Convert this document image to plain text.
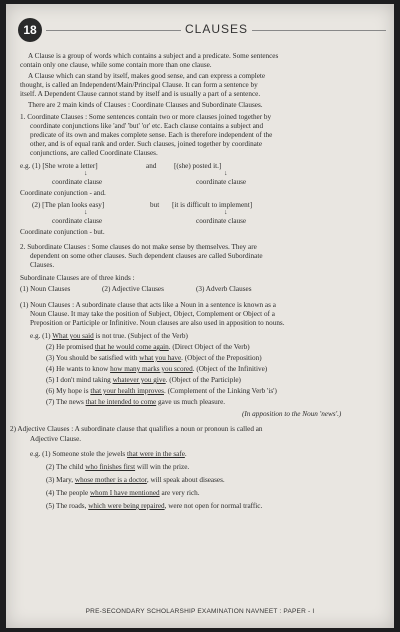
18	CLAUSES
A Clause is a group of words which contains a subject and a predicate. Some sentences
contain only one clause, while some contain more than one clause.
A Clause which can stand by itself, makes good sense, and can express a complete
thought, is called an Independent/Main/Principal Clause. It can form a sentence by
itself. A Dependent Clause cannot stand by itself and is usually a part of a sentence.
There are 2 main kinds of Clauses : Coordinate Clauses and Subordinate Clauses.
1. Coordinate Clauses : Some sentences contain two or more clauses joined together by
coordinate conjunctions like 'and' 'but' 'or' etc. Each clause contains a subject and
predicate of its own and makes complete sense. Each is therefore independent of the
other, and is of equal rank and order. Such clauses, joined together by coordinate
conjunctions, are called Coordinate Clauses.
e.g. (1) [She wrote a letter]	and [(she) posted it.]
↓	↓
coordinate clause	coordinate clause
Coordinate conjunction - and.
(2) [The plan looks easy]	but [it is difficult to implement]
↓	↓
coordinate clause	coordinate clause
Coordinate conjunction - but.
2. Subordinate Clauses : Some clauses do not make sense by themselves. They are
dependent on some other clauses. Such dependent clauses are called Subordinate
Clauses.
Subordinate Clauses are of three kinds :
(1) Noun Clauses	(2) Adjective Clauses	(3) Adverb Clauses
(1) Noun Clauses : A subordinate clause that acts like a Noun in a sentence is known as a
Noun Clause. It may take the position of Subject, Object, Complement or Object of a
Preposition or Participle or Infinitive. Noun clauses are also used in apposition to nouns.
e.g. (1) What you said is not true. (Subject of the Verb)
(2) He promised that he would come again. (Direct Object of the Verb)
(3) You should be satisfied with what you have. (Object of the Preposition)
(4) He wants to know how many marks you scored. (Object of the Infinitive)
(5) I don't mind taking whatever you give. (Object of the Participle)
(6) My hope is that your health improves. (Complement of the Linking Verb 'is')
(7) The news that he intended to come gave us much pleasure.
(In apposition to the Noun 'news'.)
2) Adjective Clauses : A subordinate clause that qualifies a noun or pronoun is called an
Adjective Clause.
e.g. (1) Someone stole the jewels that were in the safe.
(2) The child who finishes first will win the prize.
(3) Mary, whose mother is a doctor, will speak about diseases.
(4) The people whom I have mentioned are very rich.
(5) The roads, which were being repaired, were not open for normal traffic.
PRE-SECONDARY SCHOLARSHIP EXAMINATION NAVNEET : PAPER - I
